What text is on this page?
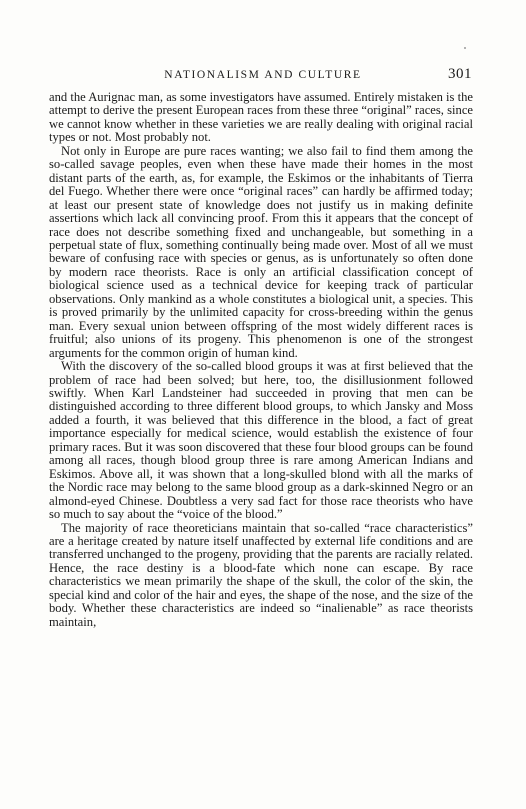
NATIONALISM AND CULTURE	301

and the Aurignac man, as some investigators have assumed. Entirely mistaken is the attempt to derive the present European races from these three “original” races, since we cannot know whether in these varieties we are really dealing with original racial types or not. Most probably not.

Not only in Europe are pure races wanting; we also fail to find them among the so-called savage peoples, even when these have made their homes in the most distant parts of the earth, as, for example, the Eskimos or the inhabitants of Tierra del Fuego. Whether there were once “original races” can hardly be affirmed today; at least our present state of knowledge does not justify us in making definite assertions which lack all convincing proof. From this it appears that the concept of race does not describe something fixed and unchangeable, but something in a perpetual state of flux, something continually being made over. Most of all we must beware of confusing race with species or genus, as is unfortunately so often done by modern race theorists. Race is only an artificial classification concept of biological science used as a technical device for keeping track of particular observations. Only mankind as a whole constitutes a biological unit, a species. This is proved primarily by the unlimited capacity for cross-breeding within the genus man. Every sexual union between offspring of the most widely different races is fruitful; also unions of its progeny. This phenomenon is one of the strongest arguments for the common origin of human kind.

With the discovery of the so-called blood groups it was at first believed that the problem of race had been solved; but here, too, the disillusionment followed swiftly. When Karl Landsteiner had succeeded in proving that men can be distinguished according to three different blood groups, to which Jansky and Moss added a fourth, it was believed that this difference in the blood, a fact of great importance especially for medical science, would establish the existence of four primary races. But it was soon discovered that these four blood groups can be found among all races, though blood group three is rare among American Indians and Eskimos. Above all, it was shown that a long-skulled blond with all the marks of the Nordic race may belong to the same blood group as a dark-skinned Negro or an almond-eyed Chinese. Doubtless a very sad fact for those race theorists who have so much to say about the “voice of the blood.”

The majority of race theoreticians maintain that so-called “race characteristics” are a heritage created by nature itself unaffected by external life conditions and are transferred unchanged to the progeny, providing that the parents are racially related. Hence, the race destiny is a blood-fate which none can escape. By race characteristics we mean primarily the shape of the skull, the color of the skin, the special kind and color of the hair and eyes, the shape of the nose, and the size of the body. Whether these characteristics are indeed so “inalienable” as race theorists maintain,
